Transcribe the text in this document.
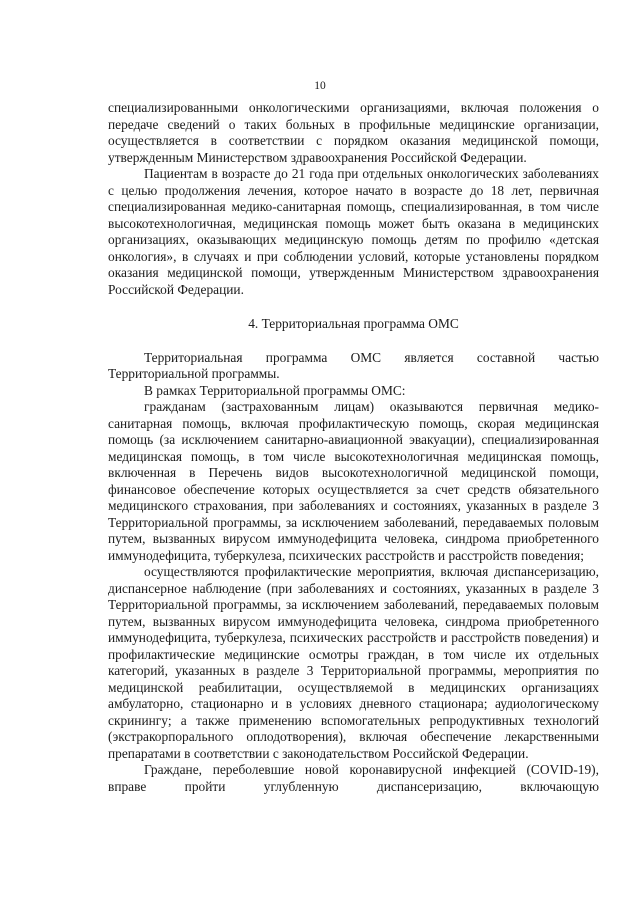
10

специализированными онкологическими организациями, включая положения о передаче сведений о таких больных в профильные медицинские организации, осуществляется в соответствии с порядком оказания медицинской помощи, утвержденным Министерством здравоохранения Российской Федерации.

Пациентам в возрасте до 21 года при отдельных онкологических заболеваниях с целью продолжения лечения, которое начато в возрасте до 18 лет, первичная специализированная медико-санитарная помощь, специализированная, в том числе высокотехнологичная, медицинская помощь может быть оказана в медицинских организациях, оказывающих медицинскую помощь детям по профилю «детская онкология», в случаях и при соблюдении условий, которые установлены порядком оказания медицинской помощи, утвержденным Министерством здравоохранения Российской Федерации.

4. Территориальная программа ОМС

Территориальная программа ОМС является составной частью Территориальной программы.

В рамках Территориальной программы ОМС:

гражданам (застрахованным лицам) оказываются первичная медико-санитарная помощь, включая профилактическую помощь, скорая медицинская помощь (за исключением санитарно-авиационной эвакуации), специализированная медицинская помощь, в том числе высокотехнологичная медицинская помощь, включенная в Перечень видов высокотехнологичной медицинской помощи, финансовое обеспечение которых осуществляется за счет средств обязательного медицинского страхования, при заболеваниях и состояниях, указанных в разделе 3 Территориальной программы, за исключением заболеваний, передаваемых половым путем, вызванных вирусом иммунодефицита человека, синдрома приобретенного иммунодефицита, туберкулеза, психических расстройств и расстройств поведения;

осуществляются профилактические мероприятия, включая диспансеризацию, диспансерное наблюдение (при заболеваниях и состояниях, указанных в разделе 3 Территориальной программы, за исключением заболеваний, передаваемых половым путем, вызванных вирусом иммунодефицита человека, синдрома приобретенного иммунодефицита, туберкулеза, психических расстройств и расстройств поведения) и профилактические медицинские осмотры граждан, в том числе их отдельных категорий, указанных в разделе 3 Территориальной программы, мероприятия по медицинской реабилитации, осуществляемой в медицинских организациях амбулаторно, стационарно и в условиях дневного стационара; аудиологическому скринингу; а также применению вспомогательных репродуктивных технологий (экстракорпорального оплодотворения), включая обеспечение лекарственными препаратами в соответствии с законодательством Российской Федерации.

Граждане, переболевшие новой коронавирусной инфекцией (COVID-19), вправе пройти углубленную диспансеризацию, включающую
